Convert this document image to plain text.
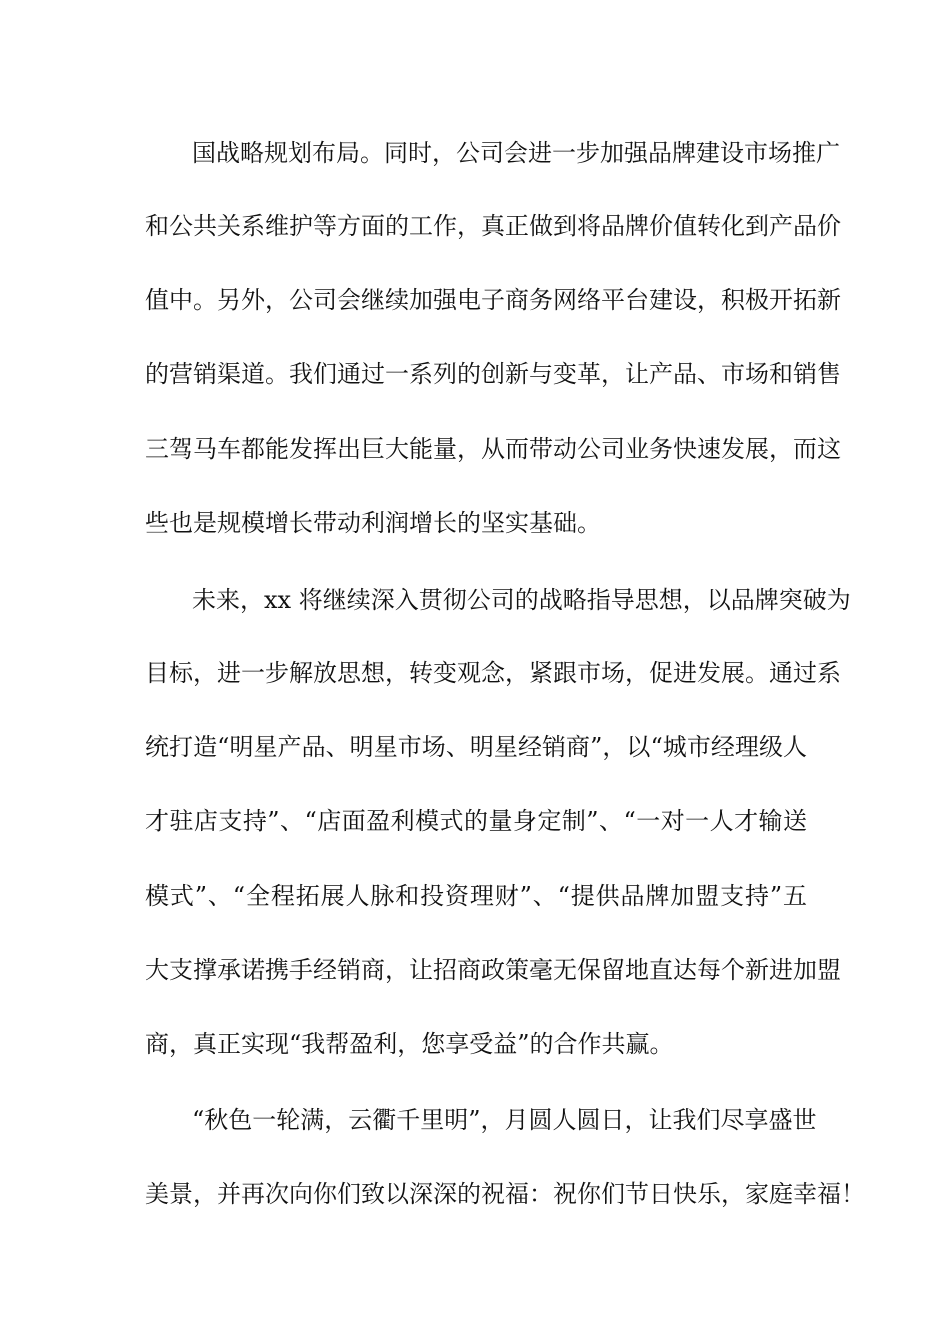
国战略规划布局。同时，公司会进一步加强品牌建设市场推广
和公共关系维护等方面的工作，真正做到将品牌价值转化到产品价
值中。另外，公司会继续加强电子商务网络平台建设，积极开拓新
的营销渠道。我们通过一系列的创新与变革，让产品、市场和销售
三驾马车都能发挥出巨大能量，从而带动公司业务快速发展，而这
些也是规模增长带动利润增长的坚实基础。
未来，xx 将继续深入贯彻公司的战略指导思想，以品牌突破为
目标，进一步解放思想，转变观念，紧跟市场，促进发展。通过系
统打造“明星产品、明星市场、明星经销商”，以“城市经理级人
才驻店支持”、“店面盈利模式的量身定制”、“一对一人才输送
模式”、“全程拓展人脉和投资理财”、“提供品牌加盟支持”五
大支撑承诺携手经销商，让招商政策毫无保留地直达每个新进加盟
商，真正实现“我帮盈利，您享受益”的合作共赢。
“秋色一轮满，云衢千里明”，月圆人圆日，让我们尽享盛世
美景，并再次向你们致以深深的祝福：祝你们节日快乐，家庭幸福！
